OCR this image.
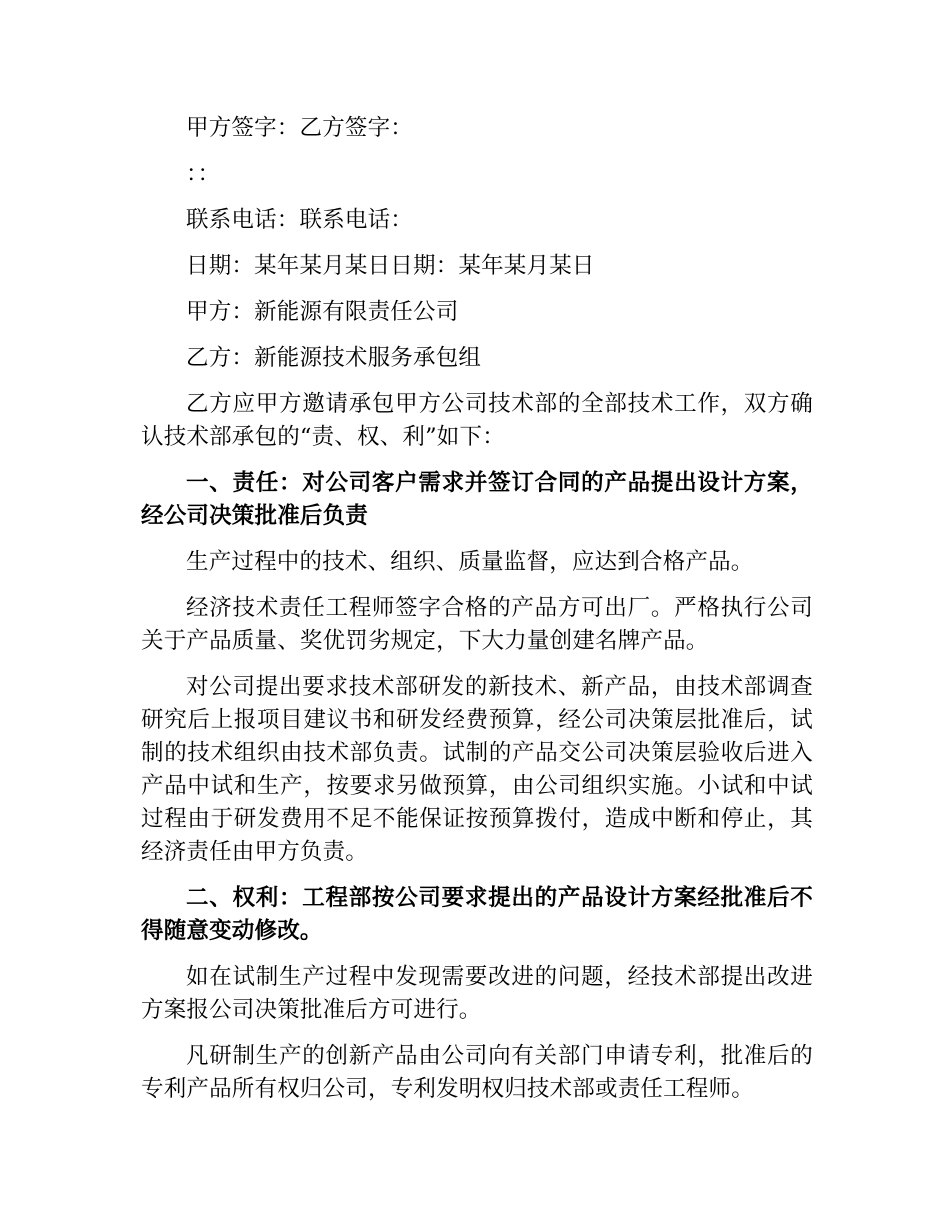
甲方签字：乙方签字：

：：

联系电话：联系电话：

日期：某年某月某日日期：某年某月某日

甲方：新能源有限责任公司

乙方：新能源技术服务承包组

乙方应甲方邀请承包甲方公司技术部的全部技术工作，双方确认技术部承包的“责、权、利”如下：

一、责任：对公司客户需求并签订合同的产品提出设计方案，经公司决策批准后负责

生产过程中的技术、组织、质量监督，应达到合格产品。

经济技术责任工程师签字合格的产品方可出厂。严格执行公司关于产品质量、奖优罚劣规定，下大力量创建名牌产品。

对公司提出要求技术部研发的新技术、新产品，由技术部调查研究后上报项目建议书和研发经费预算，经公司决策层批准后，试制的技术组织由技术部负责。试制的产品交公司决策层验收后进入产品中试和生产，按要求另做预算，由公司组织实施。小试和中试过程由于研发费用不足不能保证按预算拨付，造成中断和停止，其经济责任由甲方负责。

二、权利：工程部按公司要求提出的产品设计方案经批准后不得随意变动修改。

如在试制生产过程中发现需要改进的问题，经技术部提出改进方案报公司决策批准后方可进行。

凡研制生产的创新产品由公司向有关部门申请专利，批准后的专利产品所有权归公司，专利发明权归技术部或责任工程师。
